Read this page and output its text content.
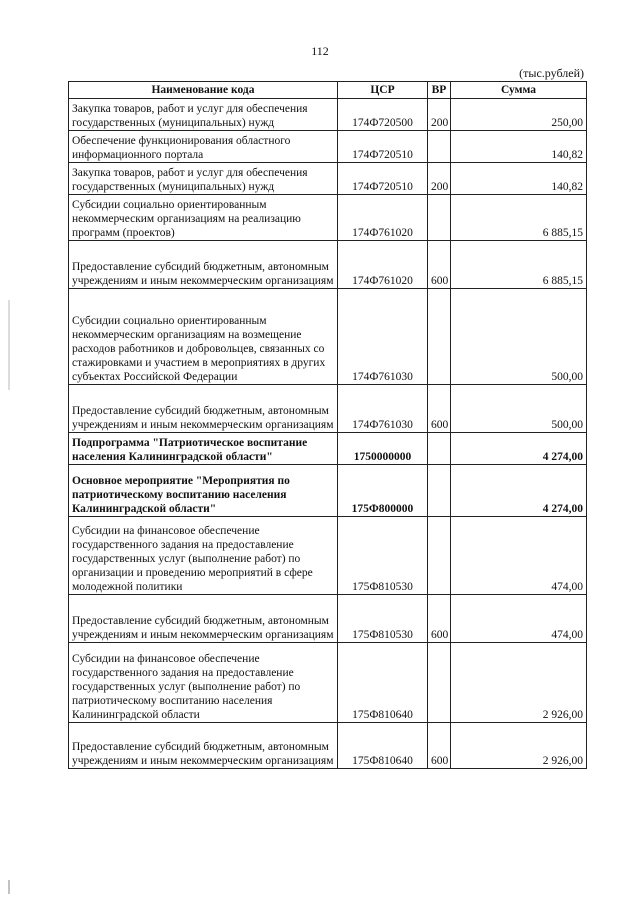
112
(тыс.рублей)
Наименование кода	ЦСР	ВР	Сумма
Закупка товаров, работ и услуг для обеспечения государственных (муниципальных) нужд	174Ф720500	200	250,00
Обеспечение функционирования областного информационного портала	174Ф720510		140,82
Закупка товаров, работ и услуг для обеспечения государственных (муниципальных) нужд	174Ф720510	200	140,82
Субсидии социально ориентированным некоммерческим организациям на реализацию программ (проектов)	174Ф761020		6 885,15
Предоставление субсидий бюджетным, автономным учреждениям и иным некоммерческим организациям	174Ф761020	600	6 885,15
Субсидии социально ориентированным некоммерческим организациям на возмещение расходов работников и добровольцев, связанных со стажировками и участием в мероприятиях в других субъектах Российской Федерации	174Ф761030		500,00
Предоставление субсидий бюджетным, автономным учреждениям и иным некоммерческим организациям	174Ф761030	600	500,00
Подпрограмма "Патриотическое воспитание населения Калининградской области"	1750000000		4 274,00
Основное мероприятие "Мероприятия по патриотическому воспитанию населения Калининградской области"	175Ф800000		4 274,00
Субсидии на финансовое обеспечение государственного задания на предоставление государственных услуг (выполнение работ) по организации и проведению мероприятий в сфере молодежной политики	175Ф810530		474,00
Предоставление субсидий бюджетным, автономным учреждениям и иным некоммерческим организациям	175Ф810530	600	474,00
Субсидии на финансовое обеспечение государственного задания на предоставление государственных услуг (выполнение работ) по патриотическому воспитанию населения Калининградской области	175Ф810640		2 926,00
Предоставление субсидий бюджетным, автономным учреждениям и иным некоммерческим организациям	175Ф810640	600	2 926,00
